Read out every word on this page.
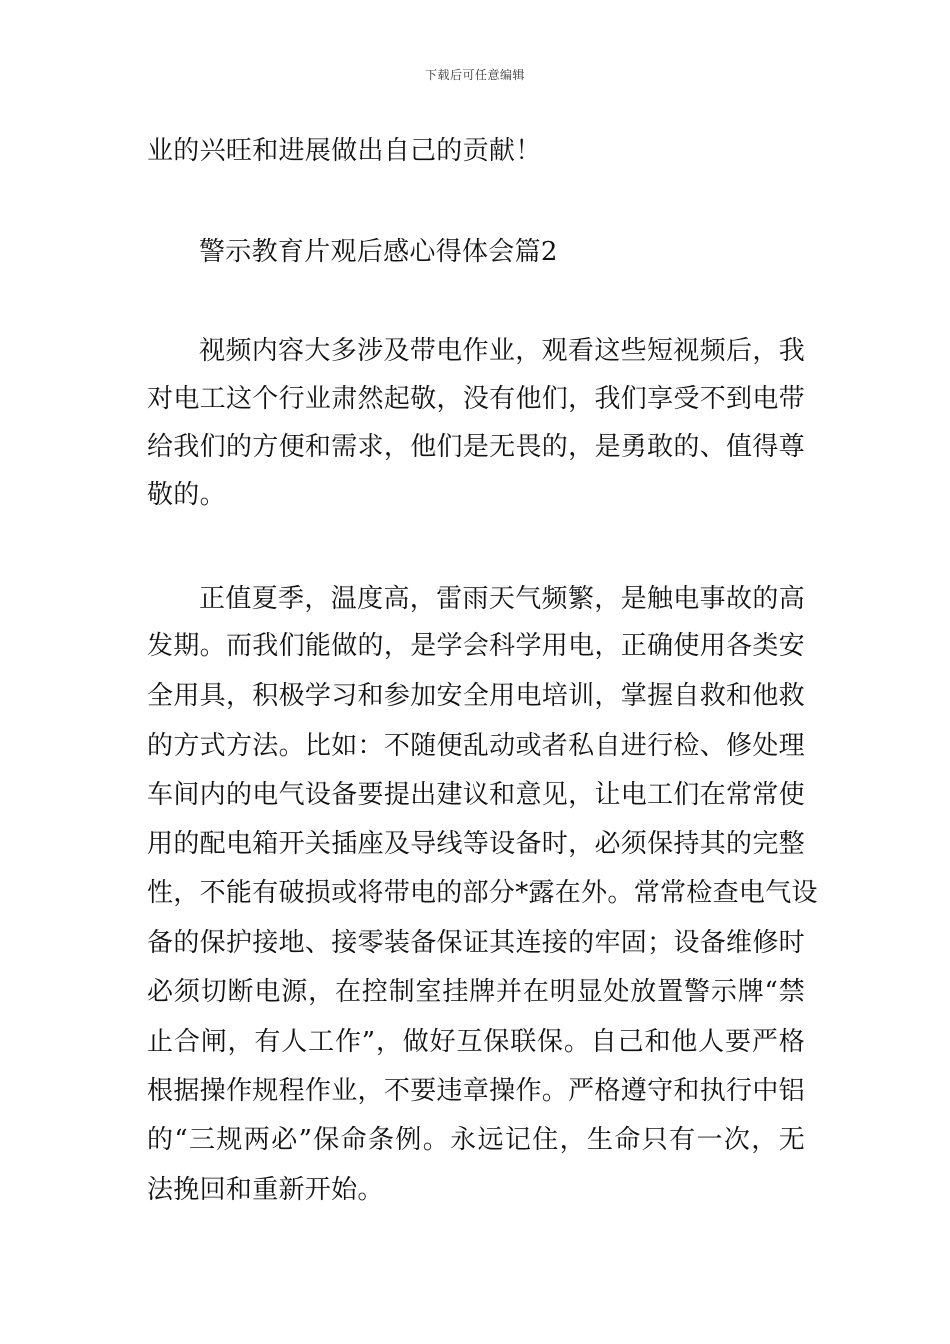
下载后可任意编辑
业的兴旺和进展做出自己的贡献！
警示教育片观后感心得体会篇2
视频内容大多涉及带电作业，观看这些短视频后，我
对电工这个行业肃然起敬，没有他们，我们享受不到电带
给我们的方便和需求，他们是无畏的，是勇敢的、值得尊
敬的。
正值夏季，温度高，雷雨天气频繁，是触电事故的高
发期。而我们能做的，是学会科学用电，正确使用各类安
全用具，积极学习和参加安全用电培训，掌握自救和他救
的方式方法。比如：不随便乱动或者私自进行检、修处理
车间内的电气设备要提出建议和意见，让电工们在常常使
用的配电箱开关插座及导线等设备时，必须保持其的完整
性，不能有破损或将带电的部分*露在外。常常检查电气设
备的保护接地、接零装备保证其连接的牢固；设备维修时
必须切断电源，在控制室挂牌并在明显处放置警示牌“禁
止合闸，有人工作”，做好互保联保。自己和他人要严格
根据操作规程作业，不要违章操作。严格遵守和执行中铝
的“三规两必”保命条例。永远记住，生命只有一次，无
法挽回和重新开始。
